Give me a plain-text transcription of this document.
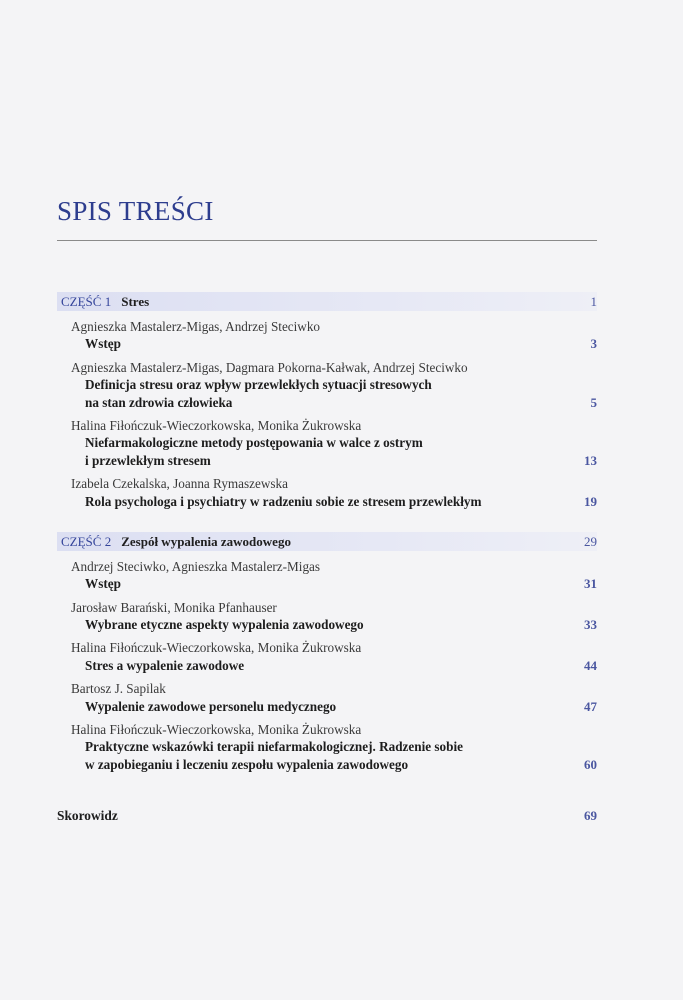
SPIS TREŚCI
CZĘŚĆ 1 Stres	1
Agnieszka Mastalerz-Migas, Andrzej Steciwko
Wstęp	3
Agnieszka Mastalerz-Migas, Dagmara Pokorna-Kałwak, Andrzej Steciwko
Definicja stresu oraz wpływ przewlekłych sytuacji stresowych
na stan zdrowia człowieka	5
Halina Fiłończuk-Wieczorkowska, Monika Żukrowska
Niefarmakologiczne metody postępowania w walce z ostrym
i przewlekłym stresem	13
Izabela Czekalska, Joanna Rymaszewska
Rola psychologa i psychiatry w radzeniu sobie ze stresem przewlekłym	19
CZĘŚĆ 2 Zespół wypalenia zawodowego	29
Andrzej Steciwko, Agnieszka Mastalerz-Migas
Wstęp	31
Jarosław Barański, Monika Pfanhauser
Wybrane etyczne aspekty wypalenia zawodowego	33
Halina Fiłończuk-Wieczorkowska, Monika Żukrowska
Stres a wypalenie zawodowe	44
Bartosz J. Sapilak
Wypalenie zawodowe personelu medycznego	47
Halina Fiłończuk-Wieczorkowska, Monika Żukrowska
Praktyczne wskazówki terapii niefarmakologicznej. Radzenie sobie
w zapobieganiu i leczeniu zespołu wypalenia zawodowego	60
Skorowidz	69
